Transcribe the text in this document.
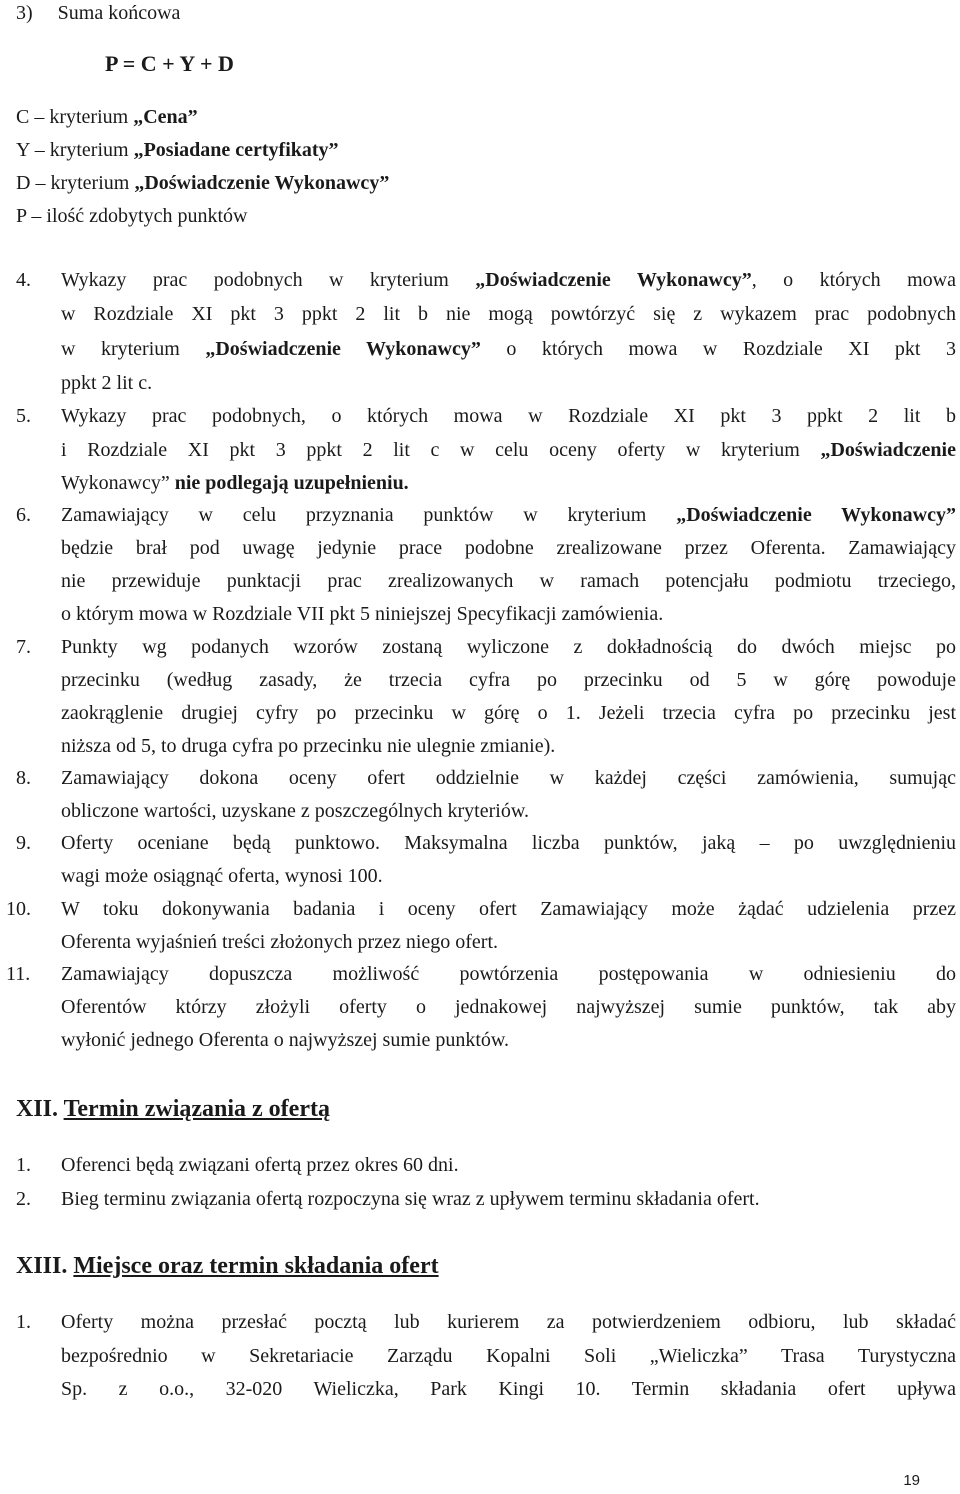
3) Suma końcowa
P = C + Y + D
C – kryterium „Cena”
Y – kryterium „Posiadane certyfikaty”
D – kryterium „Doświadczenie Wykonawcy”
P – ilość zdobytych punktów
4. Wykazy prac podobnych w kryterium „Doświadczenie Wykonawcy”, o których mowa
w Rozdziale XI pkt 3 ppkt 2 lit b nie mogą powtórzyć się z wykazem prac podobnych
w kryterium „Doświadczenie Wykonawcy” o których mowa w Rozdziale XI pkt 3
ppkt 2 lit c.
5. Wykazy prac podobnych, o których mowa w Rozdziale XI pkt 3 ppkt 2 lit b
i Rozdziale XI pkt 3 ppkt 2 lit c w celu oceny oferty w kryterium „Doświadczenie
Wykonawcy” nie podlegają uzupełnieniu.
6. Zamawiający w celu przyznania punktów w kryterium „Doświadczenie Wykonawcy”
będzie brał pod uwagę jedynie prace podobne zrealizowane przez Oferenta. Zamawiający
nie przewiduje punktacji prac zrealizowanych w ramach potencjału podmiotu trzeciego,
o którym mowa w Rozdziale VII pkt 5 niniejszej Specyfikacji zamówienia.
7. Punkty wg podanych wzorów zostaną wyliczone z dokładnością do dwóch miejsc po
przecinku (według zasady, że trzecia cyfra po przecinku od 5 w górę powoduje
zaokrąglenie drugiej cyfry po przecinku w górę o 1. Jeżeli trzecia cyfra po przecinku jest
niższa od 5, to druga cyfra po przecinku nie ulegnie zmianie).
8. Zamawiający dokona oceny ofert oddzielnie w każdej części zamówienia, sumując
obliczone wartości, uzyskane z poszczególnych kryteriów.
9. Oferty oceniane będą punktowo. Maksymalna liczba punktów, jaką – po uwzględnieniu
wagi może osiągnąć oferta, wynosi 100.
10. W toku dokonywania badania i oceny ofert Zamawiający może żądać udzielenia przez
Oferenta wyjaśnień treści złożonych przez niego ofert.
11. Zamawiający dopuszcza możliwość powtórzenia postępowania w odniesieniu do
Oferentów którzy złożyli oferty o jednakowej najwyższej sumie punktów, tak aby
wyłonić jednego Oferenta o najwyższej sumie punktów.
XII. Termin związania z ofertą
1. Oferenci będą związani ofertą przez okres 60 dni.
2. Bieg terminu związania ofertą rozpoczyna się wraz z upływem terminu składania ofert.
XIII. Miejsce oraz termin składania ofert
1. Oferty można przesłać pocztą lub kurierem za potwierdzeniem odbioru, lub składać
bezpośrednio w Sekretariacie Zarządu Kopalni Soli „Wieliczka” Trasa Turystyczna
Sp. z o.o., 32-020 Wieliczka, Park Kingi 10. Termin składania ofert upływa
19
